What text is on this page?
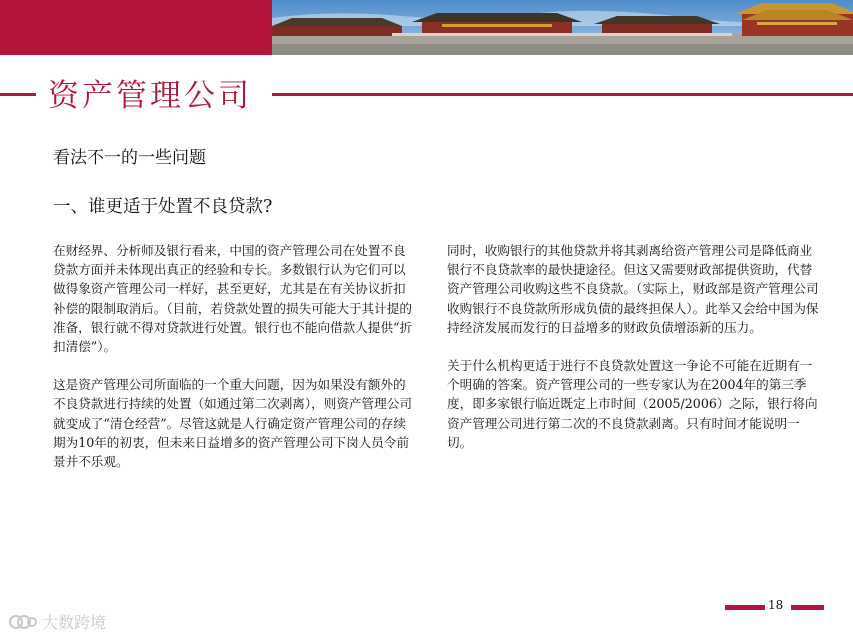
资产管理公司
看法不一的一些问题
一、谁更适于处置不良贷款?

在财经界、分析师及银行看来，中国的资产管理公司在处置不良贷款方面并未体现出真正的经验和专长。多数银行认为它们可以做得象资产管理公司一样好，甚至更好，尤其是在有关协议折扣补偿的限制取消后。（目前，若贷款处置的损失可能大于其计提的准备，银行就不得对贷款进行处置。银行也不能向借款人提供“折扣清偿”）。

这是资产管理公司所面临的一个重大问题，因为如果没有额外的不良贷款进行持续的处置（如通过第二次剥离），则资产管理公司就变成了“清仓经营”。尽管这就是人行确定资产管理公司的存续期为10年的初衷，但未来日益增多的资产管理公司下岗人员令前景并不乐观。

同时，收购银行的其他贷款并将其剥离给资产管理公司是降低商业银行不良贷款率的最快捷途径。但这又需要财政部提供资助，代替资产管理公司收购这些不良贷款。（实际上，财政部是资产管理公司收购银行不良贷款所形成负债的最终担保人）。此举又会给中国为保持经济发展而发行的日益增多的财政负债增添新的压力。

关于什么机构更适于进行不良贷款处置这一争论不可能在近期有一个明确的答案。资产管理公司的一些专家认为在2004年的第三季度，即多家银行临近既定上市时间（2005/2006）之际，银行将向资产管理公司进行第二次的不良贷款剥离。只有时间才能说明一切。

18
大数跨境
